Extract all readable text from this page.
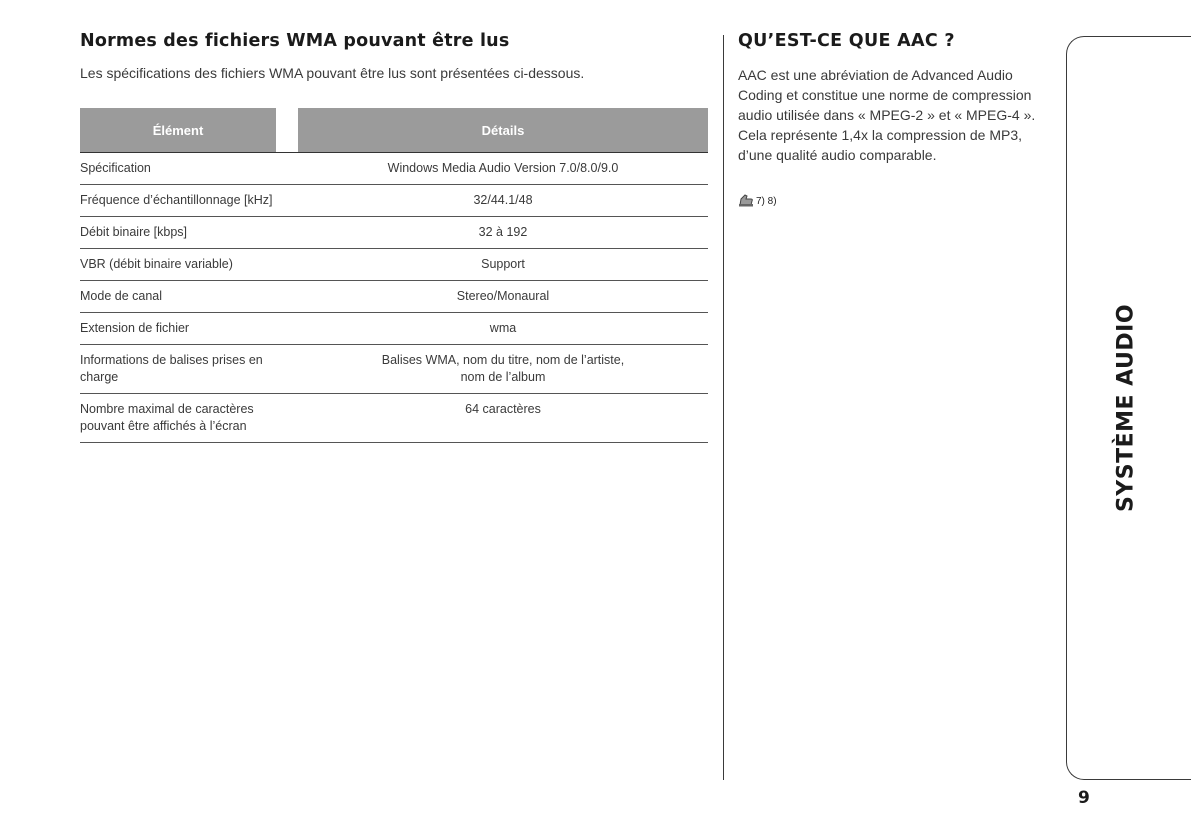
Normes des fichiers WMA pouvant être lus

Les spécifications des fichiers WMA pouvant être lus sont présentées ci-dessous.

Élément		Détails
Spécification		Windows Media Audio Version 7.0/8.0/9.0
Fréquence d’échantillonnage [kHz]		32/44.1/48
Débit binaire [kbps]		32 à 192
VBR (débit binaire variable)		Support
Mode de canal		Stereo/Monaural
Extension de fichier		wma
Informations de balises prises en charge		Balises WMA, nom du titre, nom de l’artiste,
nom de l’album
Nombre maximal de caractères
pouvant être affichés à l’écran		64 caractères
QU’EST-CE QUE AAC ?

AAC est une abréviation de Advanced Audio Coding et constitue une norme de compression audio utilisée dans « MPEG-2 » et « MPEG-4 ». Cela représente 1,4x la compression de MP3, d’une qualité audio comparable.

7) 8)
SYSTÈME AUDIO
9
